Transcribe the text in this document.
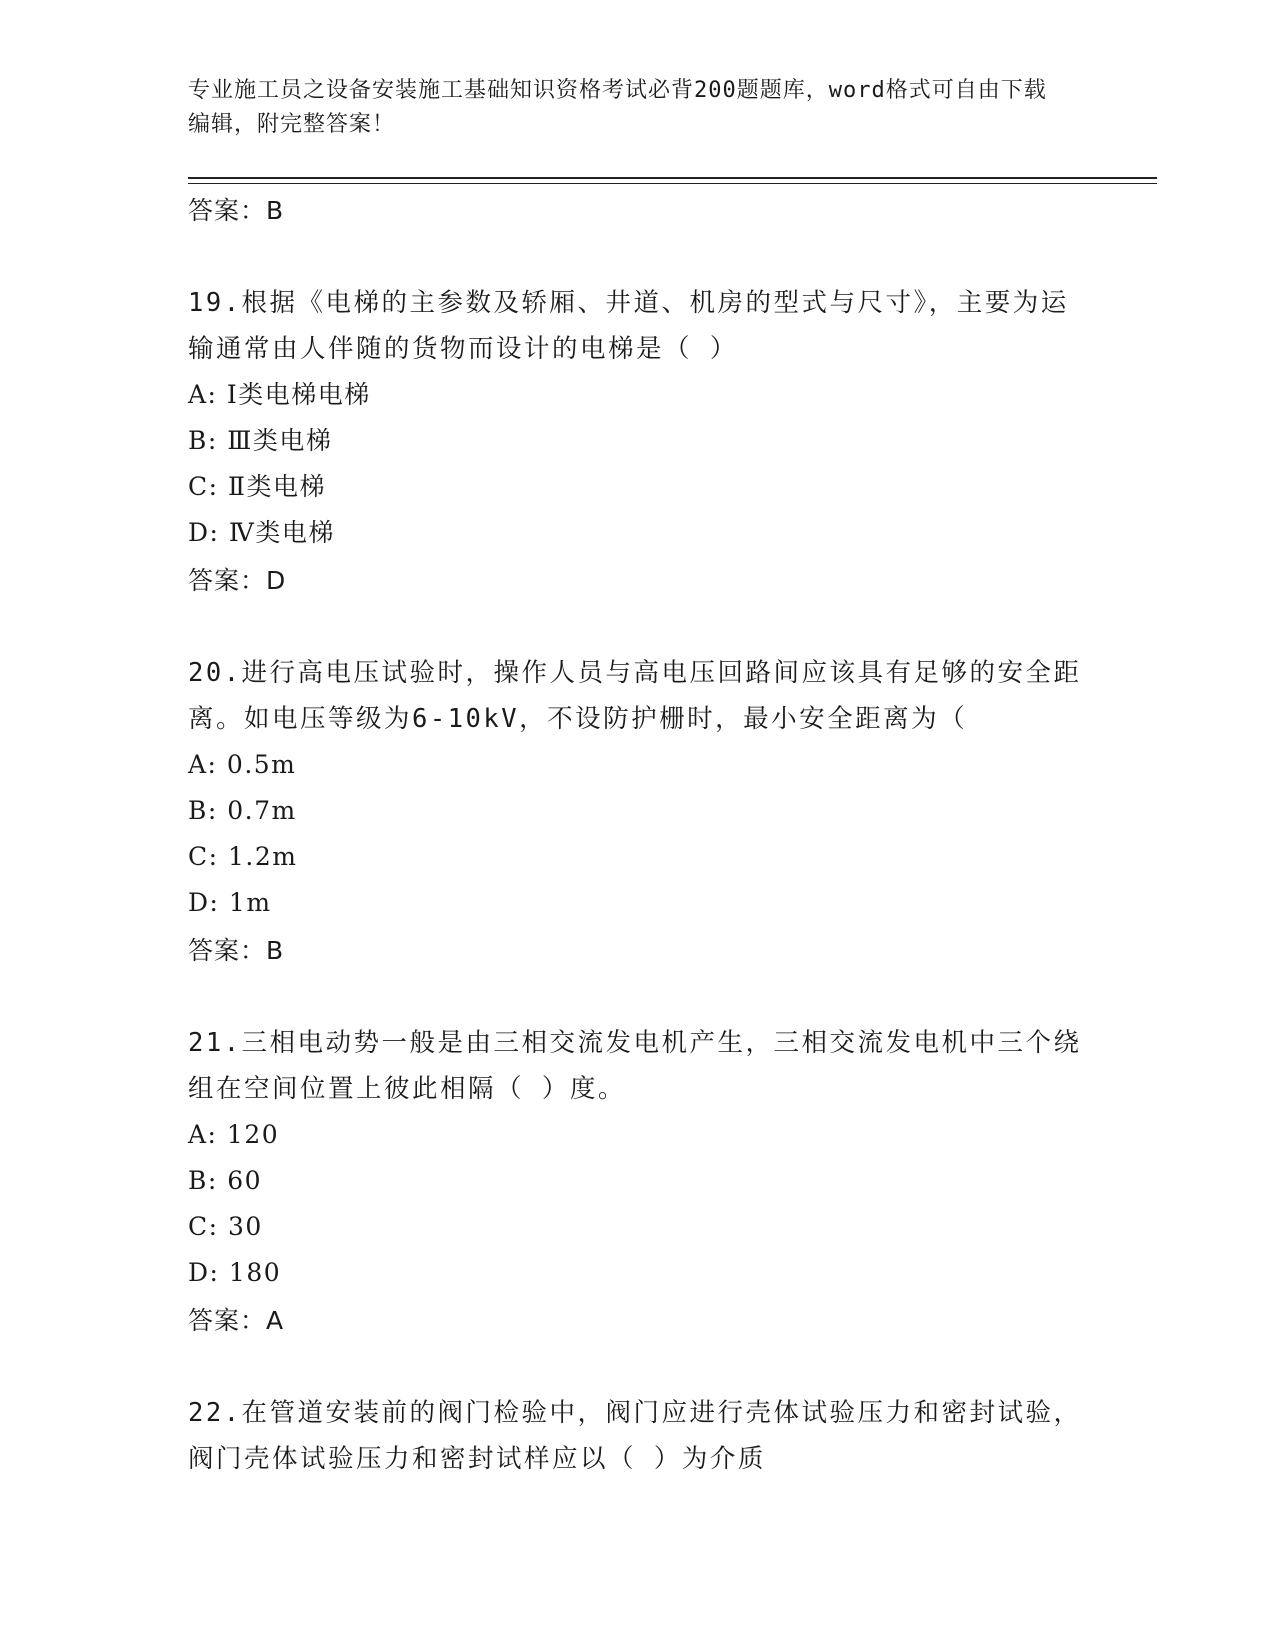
专业施工员之设备安装施工基础知识资格考试必背200题题库，word格式可自由下载编辑，附完整答案！
答案：B
19.根据《电梯的主参数及轿厢、井道、机房的型式与尺寸》，主要为运输通常由人伴随的货物而设计的电梯是（ ）
A: Ⅰ类电梯电梯
B: Ⅲ类电梯
C: Ⅱ类电梯
D: Ⅳ类电梯
答案：D
20.进行高电压试验时，操作人员与高电压回路间应该具有足够的安全距离。如电压等级为6-10kV，不设防护栅时，最小安全距离为（
A: 0.5m
B: 0.7m
C: 1.2m
D: 1m
答案：B
21.三相电动势一般是由三相交流发电机产生，三相交流发电机中三个绕组在空间位置上彼此相隔（ ）度。
A: 120
B: 60
C: 30
D: 180
答案：A
22.在管道安装前的阀门检验中，阀门应进行壳体试验压力和密封试验，阀门壳体试验压力和密封试样应以（ ）为介质
